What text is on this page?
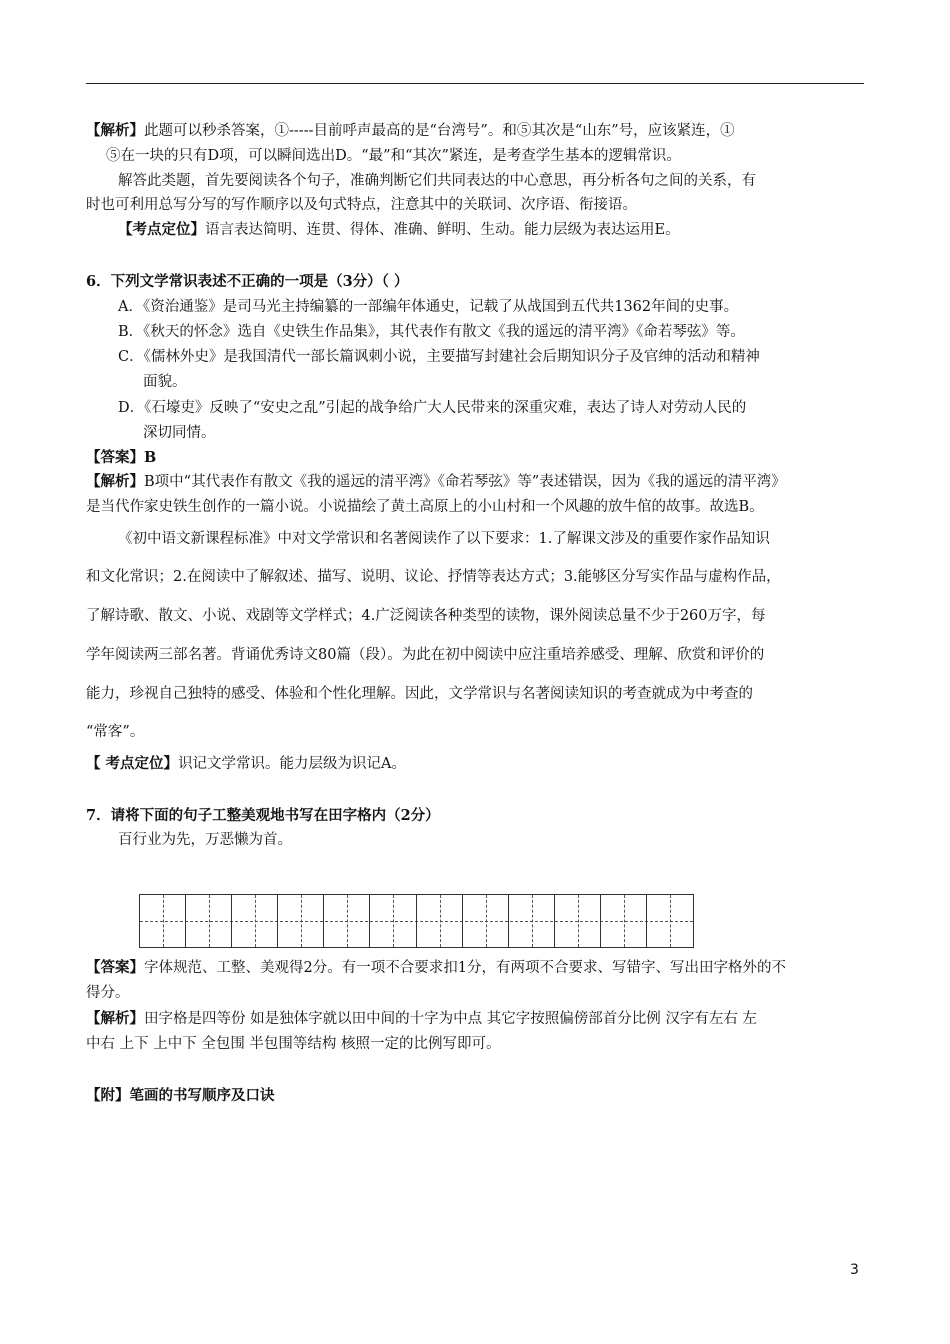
【解析】此题可以秒杀答案，①-----目前呼声最高的是“台湾号”。和⑤其次是“山东”号，应该紧连，①
⑤在一块的只有D项，可以瞬间选出D。“最”和“其次”紧连，是考查学生基本的逻辑常识。
解答此类题，首先要阅读各个句子，准确判断它们共同表达的中心意思，再分析各句之间的关系，有
时也可利用总写分写的写作顺序以及句式特点，注意其中的关联词、次序语、衔接语。
【考点定位】语言表达简明、连贯、得体、准确、鲜明、生动。能力层级为表达运用E。
6．下列文学常识表述不正确的一项是（3分）（ ）
A．《资治通鉴》是司马光主持编纂的一部编年体通史，记载了从战国到五代共1362年间的史事。
B．《秋天的怀念》选自《史铁生作品集》，其代表作有散文《我的遥远的清平湾》《命若琴弦》等。
C．《儒林外史》是我国清代一部长篇讽刺小说，主要描写封建社会后期知识分子及官绅的活动和精神
面貌。
D．《石壕吏》反映了“安史之乱”引起的战争给广大人民带来的深重灾难，表达了诗人对劳动人民的
深切同情。
【答案】B
【解析】B项中“其代表作有散文《我的遥远的清平湾》《命若琴弦》等”表述错误，因为《我的遥远的清平湾》
是当代作家史铁生创作的一篇小说。小说描绘了黄土高原上的小山村和一个风趣的放牛倌的故事。故选B。
《初中语文新课程标准》中对文学常识和名著阅读作了以下要求：1.了解课文涉及的重要作家作品知识
和文化常识；2.在阅读中了解叙述、描写、说明、议论、抒情等表达方式；3.能够区分写实作品与虚构作品，
了解诗歌、散文、小说、戏剧等文学样式；4.广泛阅读各种类型的读物，课外阅读总量不少于260万字，每
学年阅读两三部名著。背诵优秀诗文80篇（段）。为此在初中阅读中应注重培养感受、理解、欣赏和评价的
能力，珍视自己独特的感受、体验和个性化理解。因此，文学常识与名著阅读知识的考查就成为中考查的
“常客”。
【 考点定位】识记文学常识。能力层级为识记A。
7．请将下面的句子工整美观地书写在田字格内（2分）
百行业为先，万恶懒为首。
【答案】字体规范、工整、美观得2分。有一项不合要求扣1分，有两项不合要求、写错字、写出田字格外的不
得分。
【解析】田字格是四等份 如是独体字就以田中间的十字为中点 其它字按照偏傍部首分比例 汉字有左右 左
中右 上下 上中下 全包围 半包围等结构 核照一定的比例写即可。
【附】笔画的书写顺序及口诀
3
